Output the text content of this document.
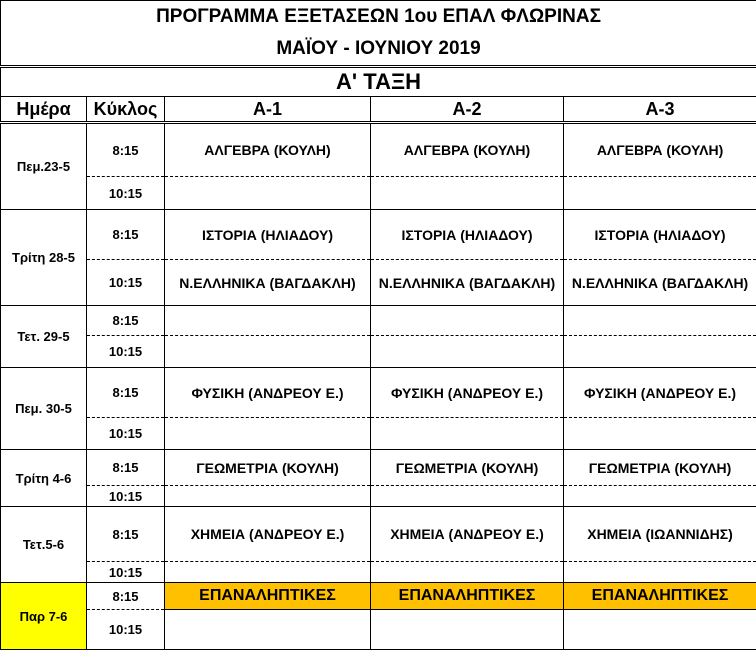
ΠΡΟΓΡΑΜΜΑ ΕΞΕΤΑΣΕΩΝ 1ου ΕΠΑΛ ΦΛΩΡΙΝΑΣ				
ΜΑΪΟΥ - ΙΟΥΝΙΟΥ 2019				
Α' ΤΑΞΗ				
Ημέρα	Κύκλος	Α-1	Α-2	Α-3
Πεμ.23-5	8:15	ΑΛΓΕΒΡΑ (ΚΟΥΛΗ)	ΑΛΓΕΒΡΑ (ΚΟΥΛΗ)	ΑΛΓΕΒΡΑ (ΚΟΥΛΗ)
	10:15			
Τρίτη 28-5	8:15	ΙΣΤΟΡΙΑ (ΗΛΙΑΔΟΥ)	ΙΣΤΟΡΙΑ (ΗΛΙΑΔΟΥ)	ΙΣΤΟΡΙΑ (ΗΛΙΑΔΟΥ)
	10:15	Ν.ΕΛΛΗΝΙΚΑ (ΒΑΓΔΑΚΛΗ)	Ν.ΕΛΛΗΝΙΚΑ (ΒΑΓΔΑΚΛΗ)	Ν.ΕΛΛΗΝΙΚΑ (ΒΑΓΔΑΚΛΗ)
Τετ. 29-5	8:15			
	10:15			
Πεμ. 30-5	8:15	ΦΥΣΙΚΗ (ΑΝΔΡΕΟΥ Ε.)	ΦΥΣΙΚΗ (ΑΝΔΡΕΟΥ Ε.)	ΦΥΣΙΚΗ (ΑΝΔΡΕΟΥ Ε.)
	10:15			
Τρίτη 4-6	8:15	ΓΕΩΜΕΤΡΙΑ (ΚΟΥΛΗ)	ΓΕΩΜΕΤΡΙΑ (ΚΟΥΛΗ)	ΓΕΩΜΕΤΡΙΑ (ΚΟΥΛΗ)
	10:15			
Τετ.5-6	8:15	ΧΗΜΕΙΑ (ΑΝΔΡΕΟΥ Ε.)	ΧΗΜΕΙΑ (ΑΝΔΡΕΟΥ Ε.)	ΧΗΜΕΙΑ (ΙΩΑΝΝΙΔΗΣ)
	10:15			
Παρ 7-6	8:15	ΕΠΑΝΑΛΗΠΤΙΚΕΣ	ΕΠΑΝΑΛΗΠΤΙΚΕΣ	ΕΠΑΝΑΛΗΠΤΙΚΕΣ
	10:15			
